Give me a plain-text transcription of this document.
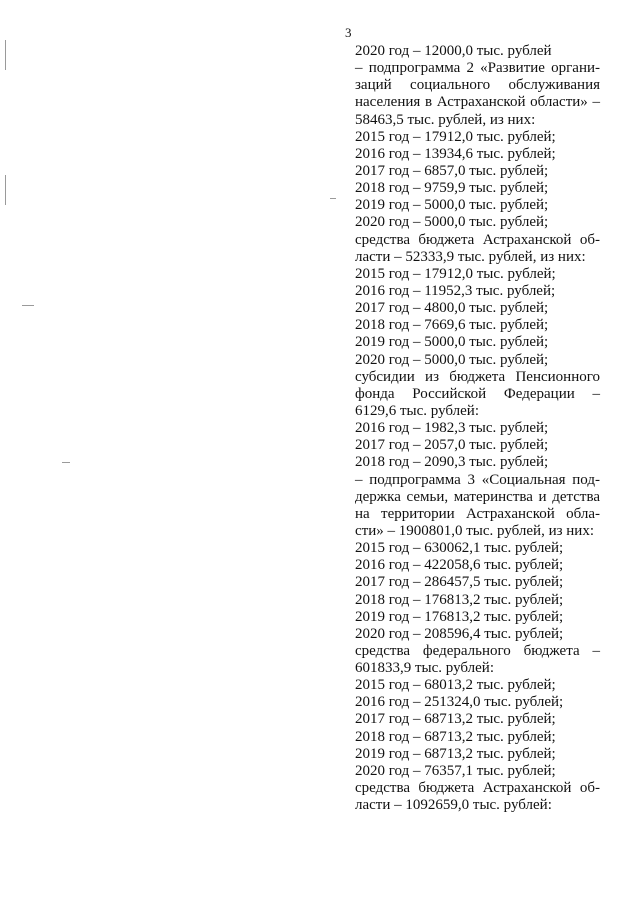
3
2020 год – 12000,0 тыс. рублей
– подпрограмма 2 «Развитие органи-
заций социального обслуживания
населения в Астраханской области» –
58463,5 тыс. рублей, из них:
2015 год – 17912,0 тыс. рублей;
2016 год – 13934,6 тыс. рублей;
2017 год – 6857,0 тыс. рублей;
2018 год – 9759,9 тыс. рублей;
2019 год – 5000,0 тыс. рублей;
2020 год – 5000,0 тыс. рублей;
средства бюджета Астраханской об-
ласти – 52333,9 тыс. рублей, из них:
2015 год – 17912,0 тыс. рублей;
2016 год – 11952,3 тыс. рублей;
2017 год – 4800,0 тыс. рублей;
2018 год – 7669,6 тыс. рублей;
2019 год – 5000,0 тыс. рублей;
2020 год – 5000,0 тыс. рублей;
субсидии из бюджета Пенсионного
фонда Российской Федерации –
6129,6 тыс. рублей:
2016 год – 1982,3 тыс. рублей;
2017 год – 2057,0 тыс. рублей;
2018 год – 2090,3 тыс. рублей;
– подпрограмма 3 «Социальная под-
держка семьи, материнства и детства
на территории Астраханской обла-
сти» – 1900801,0 тыс. рублей, из них:
2015 год – 630062,1 тыс. рублей;
2016 год – 422058,6 тыс. рублей;
2017 год – 286457,5 тыс. рублей;
2018 год – 176813,2 тыс. рублей;
2019 год – 176813,2 тыс. рублей;
2020 год – 208596,4 тыс. рублей;
средства федерального бюджета –
601833,9 тыс. рублей:
2015 год – 68013,2 тыс. рублей;
2016 год – 251324,0 тыс. рублей;
2017 год – 68713,2 тыс. рублей;
2018 год – 68713,2 тыс. рублей;
2019 год – 68713,2 тыс. рублей;
2020 год – 76357,1 тыс. рублей;
средства бюджета Астраханской об-
ласти – 1092659,0 тыс. рублей:
